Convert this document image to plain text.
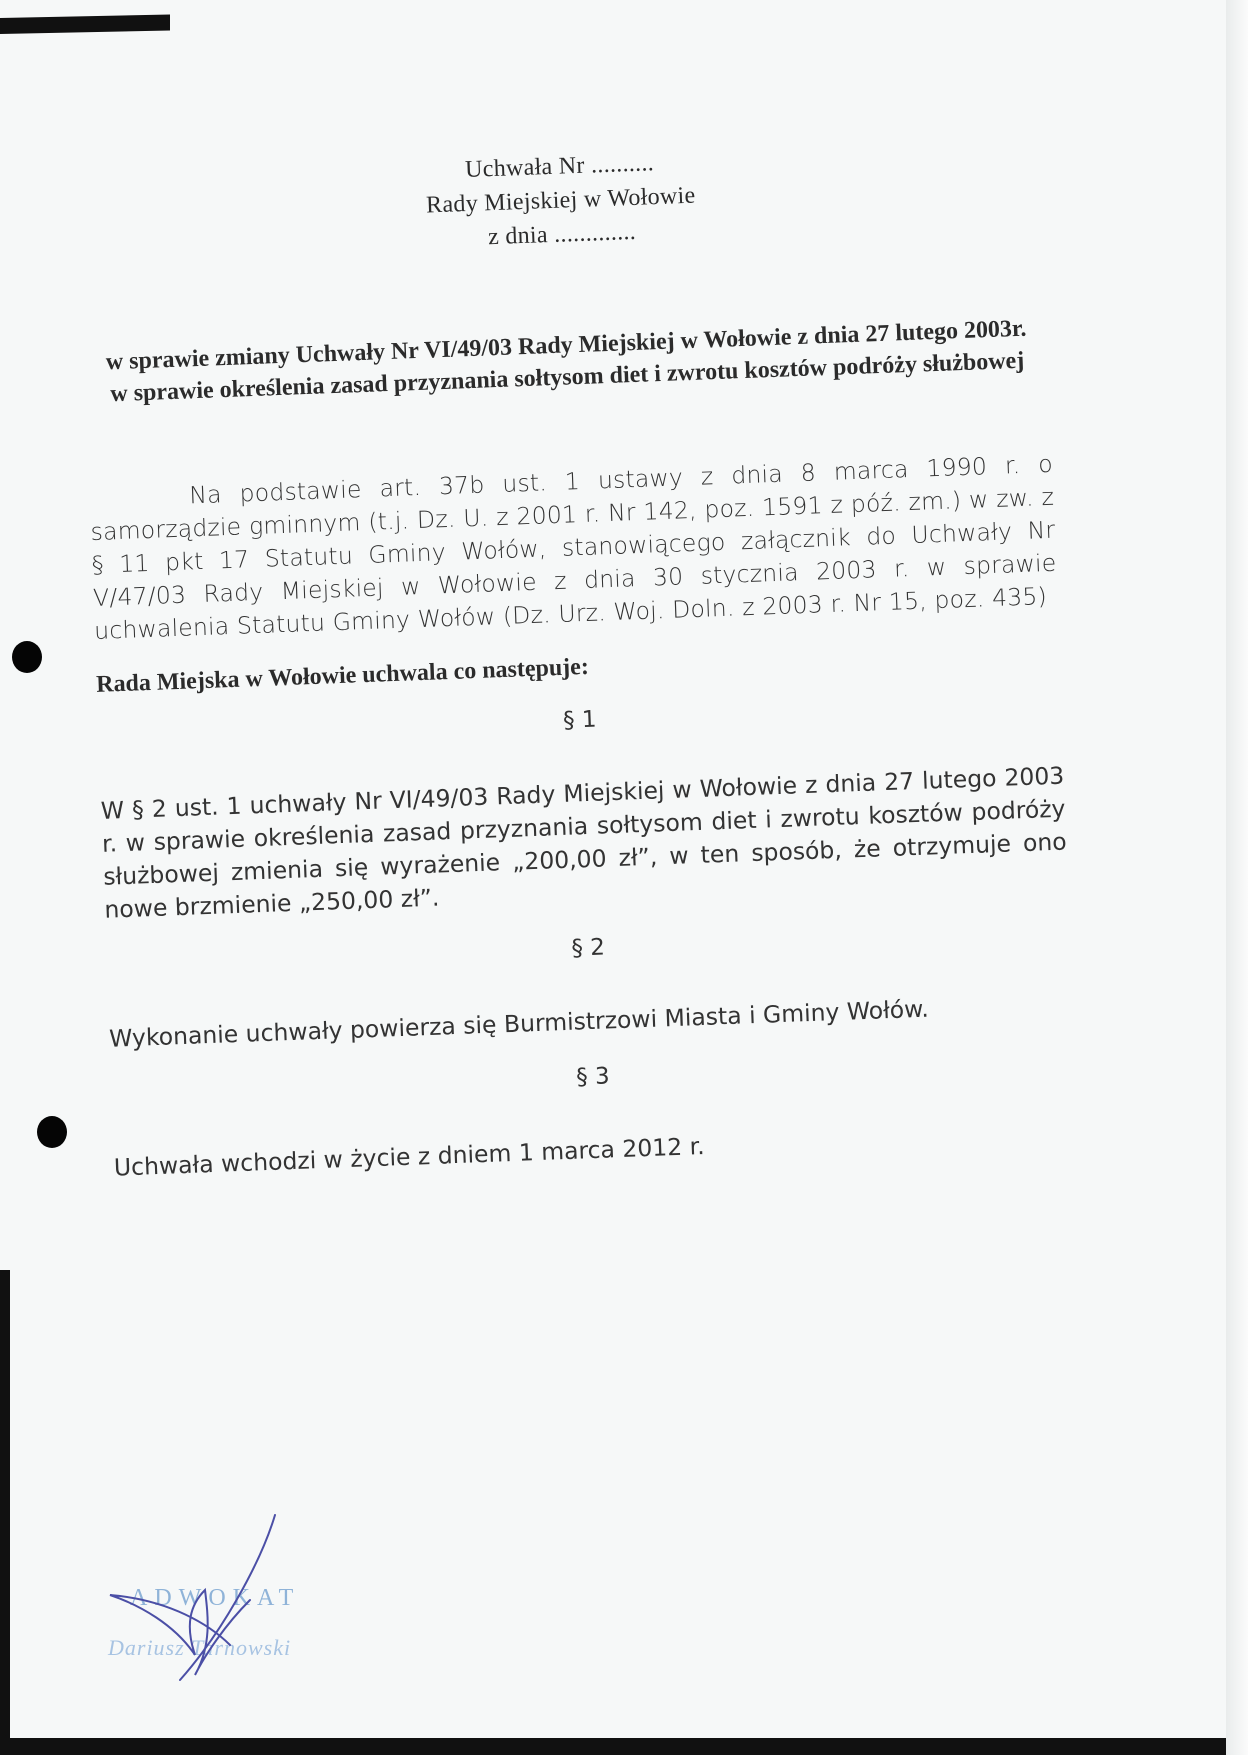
Uchwała Nr ..........
Rady Miejskiej w Wołowie
z dnia .............
w sprawie zmiany Uchwały Nr VI/49/03 Rady Miejskiej w Wołowie z dnia 27 lutego 2003r. w sprawie określenia zasad przyznania sołtysom diet i zwrotu kosztów podróży służbowej
Na podstawie art. 37b ust. 1 ustawy z dnia 8 marca 1990 r. o samorządzie gminnym (t.j. Dz. U. z 2001 r. Nr 142, poz. 1591 z póź. zm.) w zw. z § 11 pkt 17 Statutu Gminy Wołów, stanowiącego załącznik do Uchwały Nr V/47/03 Rady Miejskiej w Wołowie z dnia 30 stycznia 2003 r. w sprawie uchwalenia Statutu Gminy Wołów (Dz. Urz. Woj. Doln. z 2003 r. Nr 15, poz. 435)
Rada Miejska w Wołowie uchwala co następuje:
§ 1
W § 2 ust. 1 uchwały Nr VI/49/03 Rady Miejskiej w Wołowie z dnia 27 lutego 2003 r. w sprawie określenia zasad przyznania sołtysom diet i zwrotu kosztów podróży służbowej zmienia się wyrażenie „200,00 zł”, w ten sposób, że otrzymuje ono nowe brzmienie „250,00 zł”.
§ 2
Wykonanie uchwały powierza się Burmistrzowi Miasta i Gminy Wołów.
§ 3
Uchwała wchodzi w życie z dniem 1 marca 2012 r.
ADWOKAT
Dariusz Tarnowski
